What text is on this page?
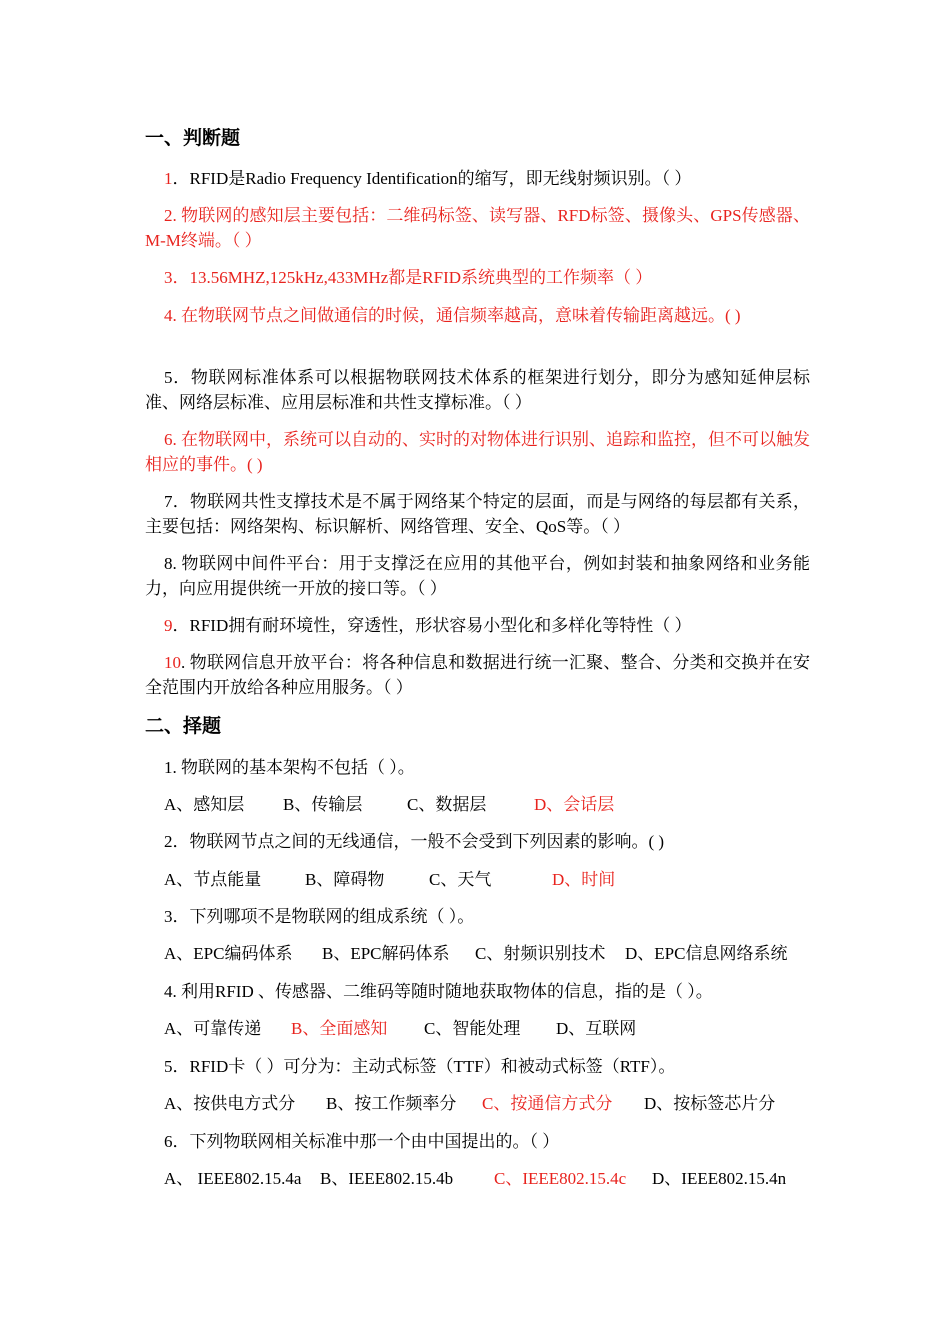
一、判断题
1．RFID是Radio Frequency Identification的缩写，即无线射频识别。（ ）
2. 物联网的感知层主要包括：二维码标签、读写器、RFD标签、摄像头、GPS传感器、 M-M终端。（ ）
3．13.56MHZ,125kHz,433MHz都是RFID系统典型的工作频率（ ）
4. 在物联网节点之间做通信的时候，通信频率越高，意味着传输距离越远。( )
5．物联网标准体系可以根据物联网技术体系的框架进行划分，即分为感知延伸层标准、网络层标准、应用层标准和共性支撑标准。（ ）
6. 在物联网中，系统可以自动的、实时的对物体进行识别、追踪和监控，但不可以触发相应的事件。( )
7．物联网共性支撑技术是不属于网络某个特定的层面，而是与网络的每层都有关系，主要包括：网络架构、标识解析、网络管理、安全、QoS等。（ ）
8. 物联网中间件平台：用于支撑泛在应用的其他平台，例如封装和抽象网络和业务能力，向应用提供统一开放的接口等。（ ）
9．RFID拥有耐环境性，穿透性，形状容易小型化和多样化等特性（ ）
10. 物联网信息开放平台：将各种信息和数据进行统一汇聚、整合、分类和交换并在安全范围内开放给各种应用服务。（ ）
二、择题
1. 物联网的基本架构不包括（ ）。
A、感知层 B、传输层	C、数据层	D、会话层
2．物联网节点之间的无线通信，一般不会受到下列因素的影响。( )
A、节点能量	B、障碍物	C、天气	D、时间
3．下列哪项不是物联网的组成系统（ ）。
A、EPC编码体系 B、EPC解码体系 C、射频识别技术 D、EPC信息网络系统
4. 利用RFID 、传感器、二维码等随时随地获取物体的信息，指的是（ ）。
A、可靠传递 B、全面感知 C、智能处理 D、互联网
5．RFID卡（ ）可分为：主动式标签（TTF）和被动式标签（RTF）。
A、按供电方式分 B、按工作频率分 C、按通信方式分 D、按标签芯片分
6．下列物联网相关标准中那一个由中国提出的。（ ）
A、 IEEE802.15.4a B、IEEE802.15.4b C、IEEE802.15.4c D、IEEE802.15.4n
